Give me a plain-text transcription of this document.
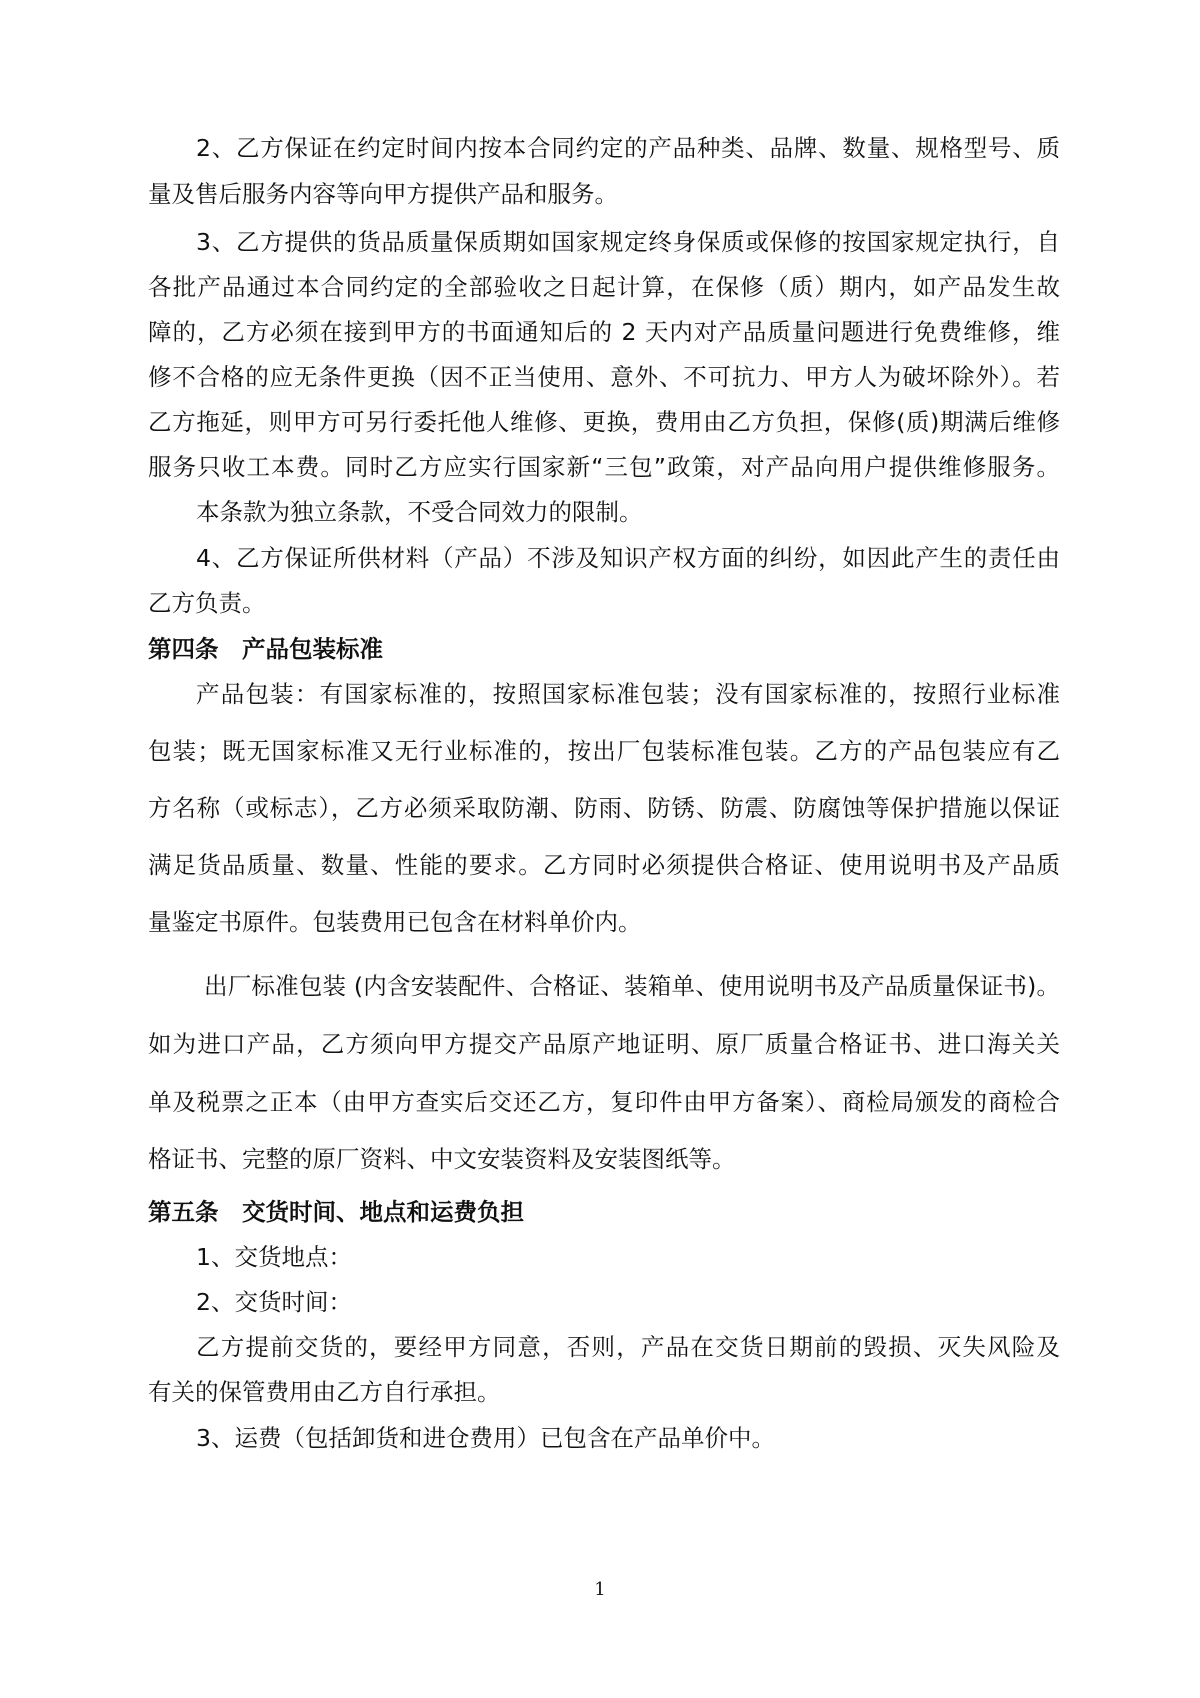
2、乙方保证在约定时间内按本合同约定的产品种类、品牌、数量、规格型号、质
量及售后服务内容等向甲方提供产品和服务。
3、乙方提供的货品质量保质期如国家规定终身保质或保修的按国家规定执行，自
各批产品通过本合同约定的全部验收之日起计算，在保修（质）期内，如产品发生故
障的，乙方必须在接到甲方的书面通知后的 2 天内对产品质量问题进行免费维修，维
修不合格的应无条件更换（因不正当使用、意外、不可抗力、甲方人为破坏除外）。若
乙方拖延，则甲方可另行委托他人维修、更换，费用由乙方负担，保修(质)期满后维修
服务只收工本费。同时乙方应实行国家新“三包”政策，对产品向用户提供维修服务。
本条款为独立条款，不受合同效力的限制。
4、乙方保证所供材料（产品）不涉及知识产权方面的纠纷，如因此产生的责任由
乙方负责。
第四条　产品包装标准
产品包装：有国家标准的，按照国家标准包装；没有国家标准的，按照行业标准
包装；既无国家标准又无行业标准的，按出厂包装标准包装。乙方的产品包装应有乙
方名称（或标志），乙方必须采取防潮、防雨、防锈、防震、防腐蚀等保护措施以保证
满足货品质量、数量、性能的要求。乙方同时必须提供合格证、使用说明书及产品质
量鉴定书原件。包装费用已包含在材料单价内。
出厂标准包装 (内含安装配件、合格证、装箱单、使用说明书及产品质量保证书)。
如为进口产品，乙方须向甲方提交产品原产地证明、原厂质量合格证书、进口海关关
单及税票之正本（由甲方查实后交还乙方，复印件由甲方备案）、商检局颁发的商检合
格证书、完整的原厂资料、中文安装资料及安装图纸等。
第五条　交货时间、地点和运费负担
1、交货地点：
2、交货时间：
乙方提前交货的，要经甲方同意，否则，产品在交货日期前的毁损、灭失风险及
有关的保管费用由乙方自行承担。
3、运费（包括卸货和进仓费用）已包含在产品单价中。
1
